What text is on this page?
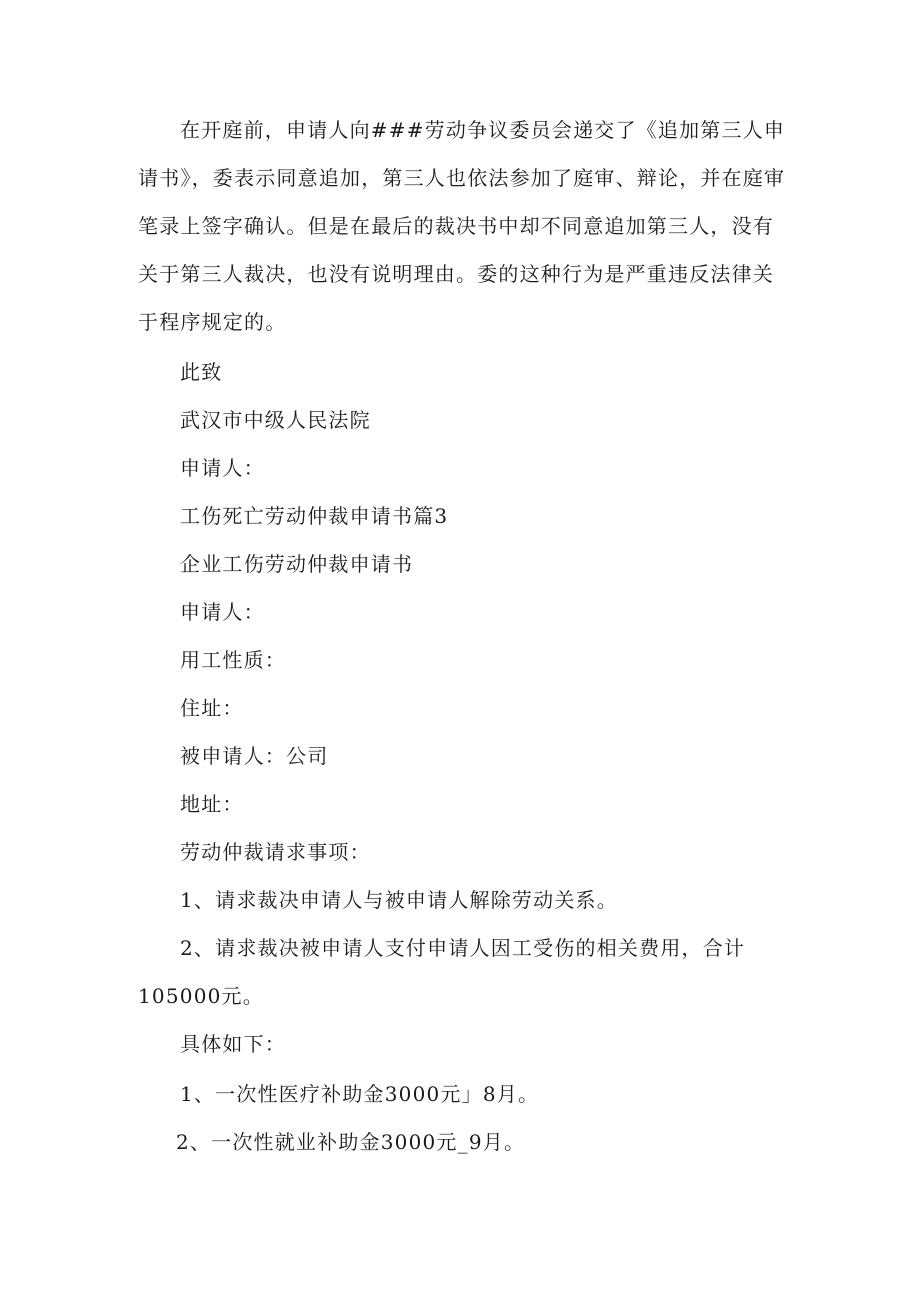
在开庭前，申请人向###劳动争议委员会递交了《追加第三人申请书》，委表示同意追加，第三人也依法参加了庭审、辩论，并在庭审笔录上签字确认。但是在最后的裁决书中却不同意追加第三人，没有关于第三人裁决，也没有说明理由。委的这种行为是严重违反法律关于程序规定的。

此致

武汉市中级人民法院

申请人：

工伤死亡劳动仲裁申请书篇3

企业工伤劳动仲裁申请书

申请人：

用工性质：

住址：

被申请人：公司

地址：

劳动仲裁请求事项：

1、请求裁决申请人与被申请人解除劳动关系。

2、请求裁决被申请人支付申请人因工受伤的相关费用，合计105000元。

具体如下：

1、一次性医疗补助金3000元」8月。

2、一次性就业补助金3000元_9月。
